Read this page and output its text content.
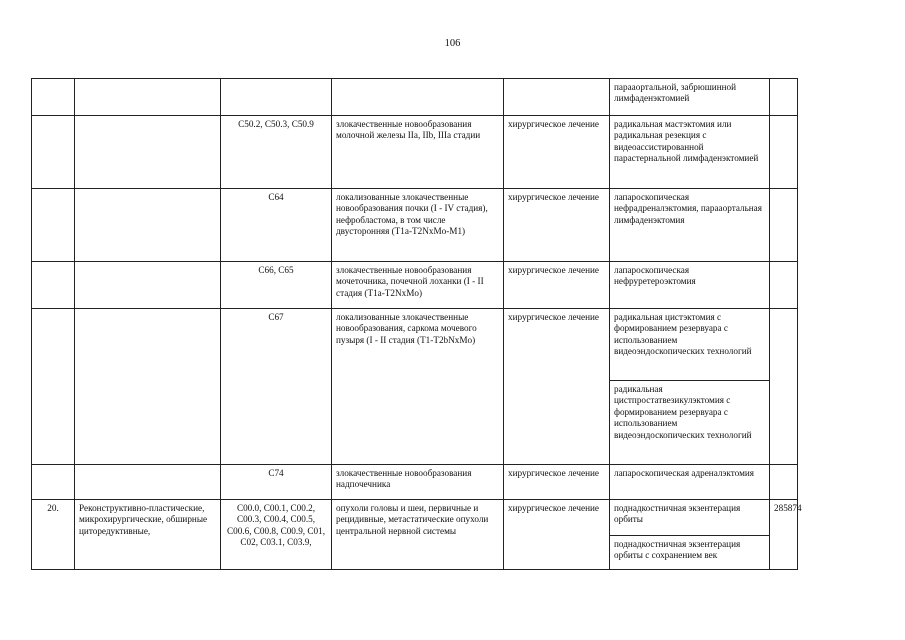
106
					парааортальной, забрюшинной лимфаденэктомией	
		C50.2, C50.3, C50.9	злокачественные новообразования молочной железы IIa, IIb, IIIa стадии	хирургическое лечение	радикальная мастэктомия или радикальная резекция с видеоассистированной парастернальной лимфаденэктомией	
		C64	локализованные злокачественные новообразования почки (I - IV стадия), нефробластома, в том числе двусторонняя (T1a-T2NxMo-M1)	хирургическое лечение	лапароскопическая нефрадреналэктомия, парааортальная лимфаденэктомия	
		C66, C65	злокачественные новообразования мочеточника, почечной лоханки (I - II стадия (T1a-T2NxMo)	хирургическое лечение	лапароскопическая нефруретероэктомия	
		C67	локализованные злокачественные новообразования, саркома мочевого пузыря (I - II стадия (T1-T2bNxMo)	хирургическое лечение	радикальная цистэктомия с формированием резервуара с использованием видеоэндоскопических технологий	
					радикальная цистпростатвезикулэктомия с формированием резервуара с использованием видеоэндоскопических технологий	
		C74	злокачественные новообразования надпочечника	хирургическое лечение	лапароскопическая адреналэктомия	
20.	Реконструктивно-пластические, микрохирургические, обширные циторедуктивные,	C00.0, C00.1, C00.2, C00.3, C00.4, C00.5, C00.6, C00.8, C00.9, C01, C02, C03.1, C03.9,	опухоли головы и шеи, первичные и рецидивные, метастатические опухоли центральной нервной системы	хирургическое лечение	поднадкостничная экзентерация орбиты	285874
					поднадкостничная экзентерация орбиты с сохранением век	
